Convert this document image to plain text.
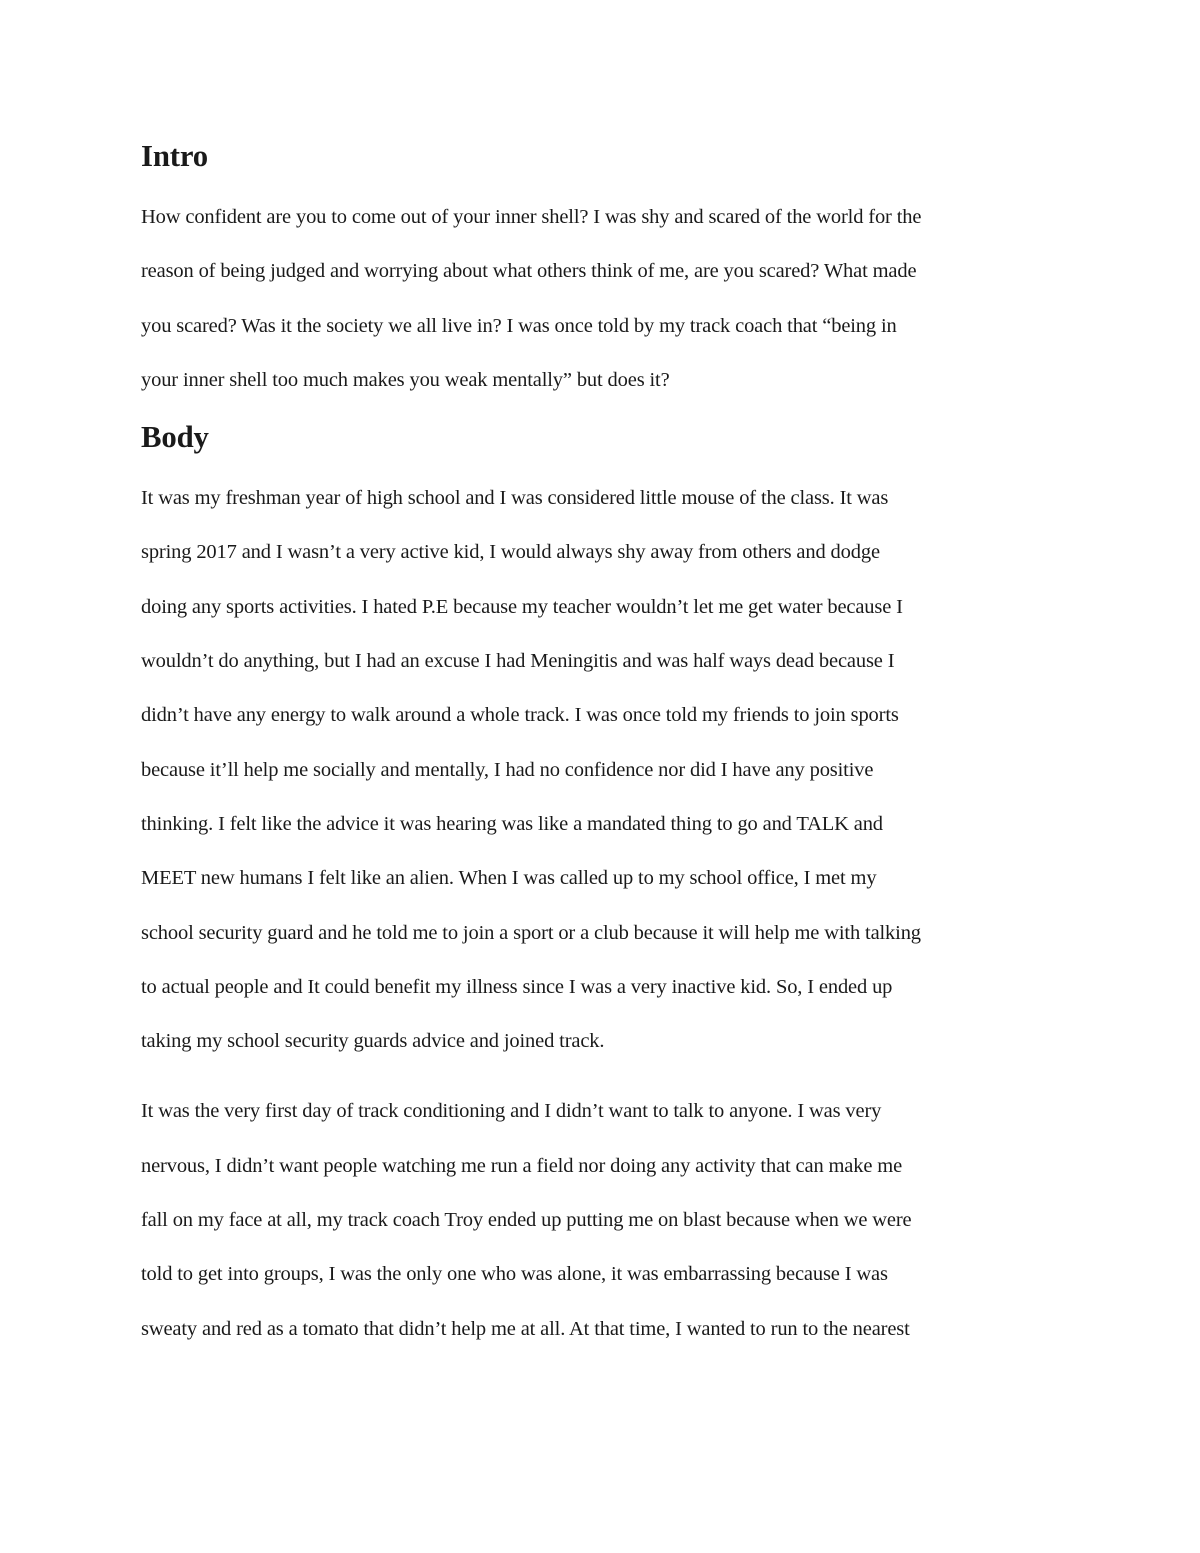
Intro

How confident are you to come out of your inner shell? I was shy and scared of the world for the
reason of being judged and worrying about what others think of me, are you scared? What made
you scared? Was it the society we all live in? I was once told by my track coach that “being in
your inner shell too much makes you weak mentally” but does it?

Body

It was my freshman year of high school and I was considered little mouse of the class. It was
spring 2017 and I wasn’t a very active kid, I would always shy away from others and dodge
doing any sports activities. I hated P.E because my teacher wouldn’t let me get water because I
wouldn’t do anything, but I had an excuse I had Meningitis and was half ways dead because I
didn’t have any energy to walk around a whole track. I was once told my friends to join sports
because it’ll help me socially and mentally, I had no confidence nor did I have any positive
thinking. I felt like the advice it was hearing was like a mandated thing to go and TALK and
MEET new humans I felt like an alien. When I was called up to my school office, I met my
school security guard and he told me to join a sport or a club because it will help me with talking
to actual people and It could benefit my illness since I was a very inactive kid. So, I ended up
taking my school security guards advice and joined track.

It was the very first day of track conditioning and I didn’t want to talk to anyone. I was very
nervous, I didn’t want people watching me run a field nor doing any activity that can make me
fall on my face at all, my track coach Troy ended up putting me on blast because when we were
told to get into groups, I was the only one who was alone, it was embarrassing because I was
sweaty and red as a tomato that didn’t help me at all. At that time, I wanted to run to the nearest
